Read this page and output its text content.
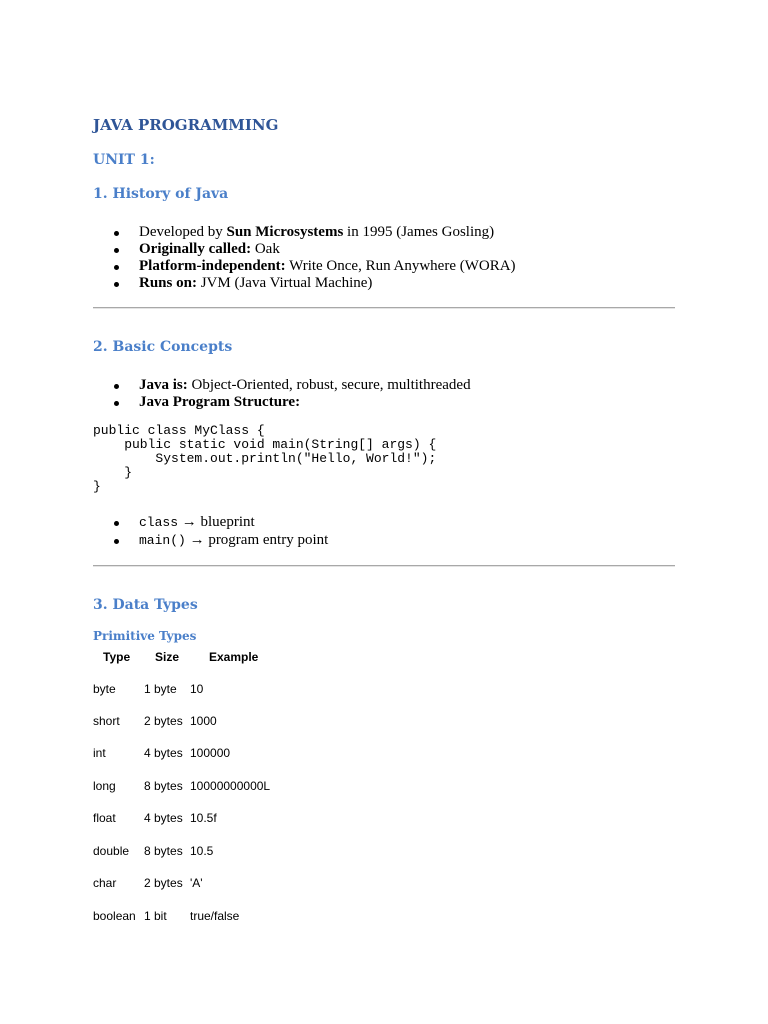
JAVA PROGRAMMING
UNIT 1:
1. History of Java
Developed by Sun Microsystems in 1995 (James Gosling)
Originally called: Oak
Platform-independent: Write Once, Run Anywhere (WORA)
Runs on: JVM (Java Virtual Machine)
2. Basic Concepts
Java is: Object-Oriented, robust, secure, multithreaded
Java Program Structure:
public class MyClass {
public static void main(String[] args) {
System.out.println("Hello, World!");
}
}
class → blueprint
main() → program entry point
3. Data Types
Primitive Types
Type Size Example
byte 1 byte 10
short 2 bytes 1000
int	4 bytes 100000
long 8 bytes 10000000000L
float 4 bytes 10.5f
double 8 bytes 10.5
char 2 bytes 'A'
boolean 1 bit true/false
